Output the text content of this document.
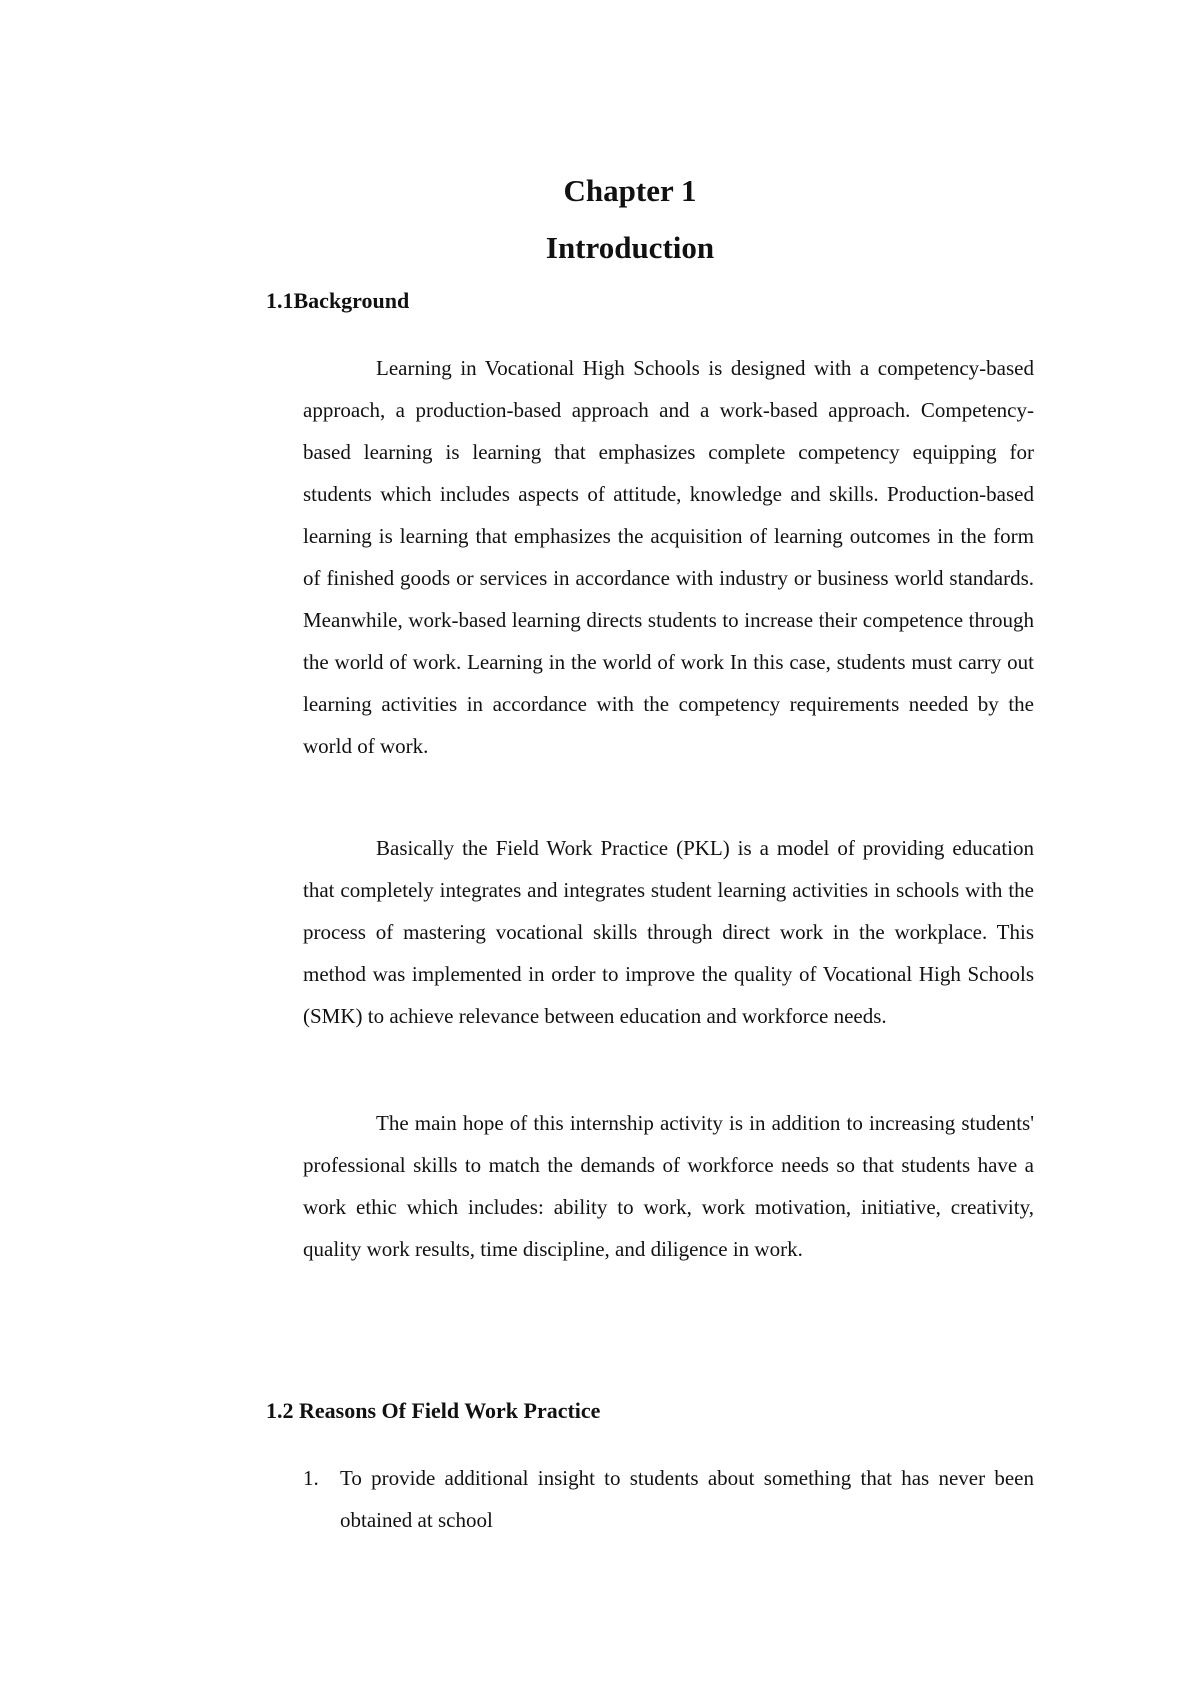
Chapter 1
Introduction
1.1Background

Learning in Vocational High Schools is designed with a competency-based approach, a production-based approach and a work-based approach. Competency-based learning is learning that emphasizes complete competency equipping for students which includes aspects of attitude, knowledge and skills. Production-based learning is learning that emphasizes the acquisition of learning outcomes in the form of finished goods or services in accordance with industry or business world standards. Meanwhile, work-based learning directs students to increase their competence through the world of work. Learning in the world of work In this case, students must carry out learning activities in accordance with the competency requirements needed by the world of work.

Basically the Field Work Practice (PKL) is a model of providing education that completely integrates and integrates student learning activities in schools with the process of mastering vocational skills through direct work in the workplace. This method was implemented in order to improve the quality of Vocational High Schools (SMK) to achieve relevance between education and workforce needs.

The main hope of this internship activity is in addition to increasing students' professional skills to match the demands of workforce needs so that students have a work ethic which includes: ability to work, work motivation, initiative, creativity, quality work results, time discipline, and diligence in work.

1.2 Reasons Of Field Work Practice
1.	To provide additional insight to students about something that has never been obtained at school
